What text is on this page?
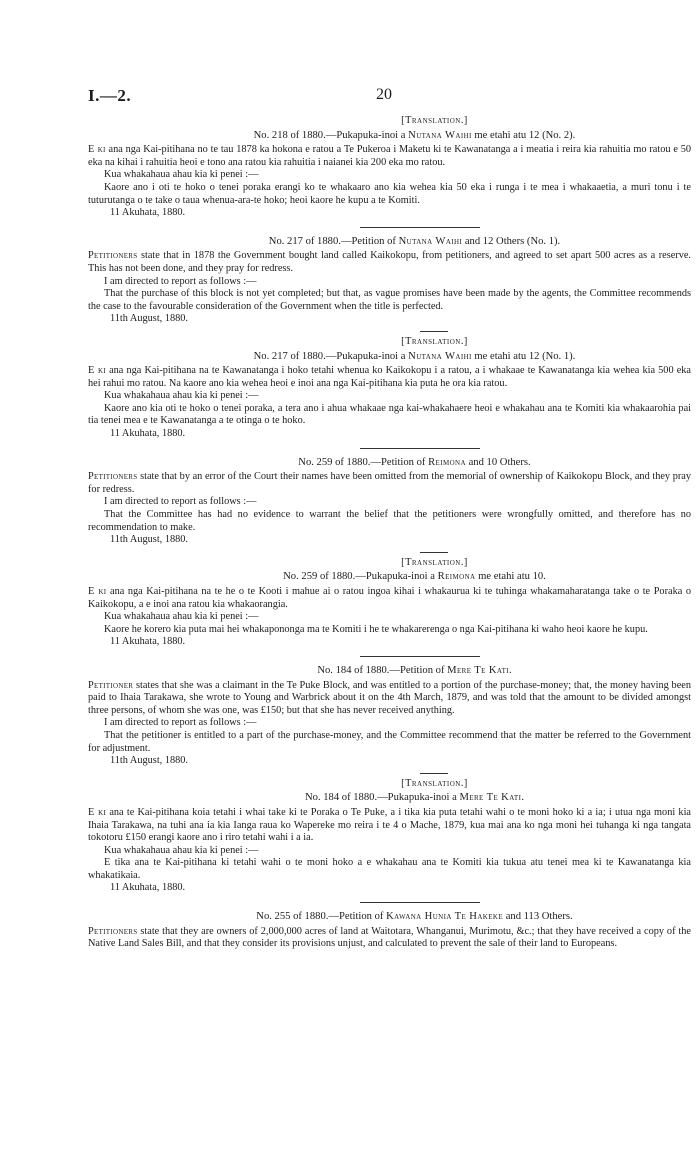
I.—2.	20
[Translation.]
No. 218 of 1880.—Pukapuka-inoi a Nutana Waihi me etahi atu 12 (No. 2).

E ki ana nga Kai-pitihana no te tau 1878 ka hokona e ratou a Te Pukeroa i Maketu ki te Kawanatanga a i meatia i reira kia rahuitia mo ratou e 50 eka na kihai i rahuitia heoi e tono ana ratou kia rahuitia i naianei kia 200 eka mo ratou.

Kua whakahaua ahau kia ki penei :—

Kaore ano i oti te hoko o tenei poraka erangi ko te whakaaro ano kia wehea kia 50 eka i runga i te mea i whakaaetia, a muri tonu i te tuturutanga o te take o taua whenua-ara-te hoko; heoi kaore he kupu a te Komiti.

11 Akuhata, 1880.

No. 217 of 1880.—Petition of Nutana Waihi and 12 Others (No. 1).

Petitioners state that in 1878 the Government bought land called Kaikokopu, from petitioners, and agreed to set apart 500 acres as a reserve. This has not been done, and they pray for redress.

I am directed to report as follows :—

That the purchase of this block is not yet completed; but that, as vague promises have been made by the agents, the Committee recommends the case to the favourable consideration of the Government when the title is perfected.

11th August, 1880.

[Translation.]
No. 217 of 1880.—Pukapuka-inoi a Nutana Waihi me etahi atu 12 (No. 1).

E ki ana nga Kai-pitihana na te Kawanatanga i hoko tetahi whenua ko Kaikokopu i a ratou, a i whakaae te Kawanatanga kia wehea kia 500 eka hei rahui mo ratou. Na kaore ano kia wehea heoi e inoi ana nga Kai-pitihana kia puta he ora kia ratou.

Kua whakahaua ahau kia ki penei :—

Kaore ano kia oti te hoko o tenei poraka, a tera ano i ahua whakaae nga kai-whakahaere heoi e whakahau ana te Komiti kia whakaarohia pai tia tenei mea e te Kawanatanga a te otinga o te hoko.

11 Akuhata, 1880.

No. 259 of 1880.—Petition of Reimona and 10 Others.

Petitioners state that by an error of the Court their names have been omitted from the memorial of ownership of Kaikokopu Block, and they pray for redress.

I am directed to report as follows :—

That the Committee has had no evidence to warrant the belief that the petitioners were wrongfully omitted, and therefore has no recommendation to make.

11th August, 1880.

[Translation.]
No. 259 of 1880.—Pukapuka-inoi a Reimona me etahi atu 10.

E ki ana nga Kai-pitihana na te he o te Kooti i mahue ai o ratou ingoa kihai i whakaurua ki te tuhinga whakamaharatanga take o te Poraka o Kaikokopu, a e inoi ana ratou kia whakaorangia.

Kua whakahaua ahau kia ki penei :—

Kaore he korero kia puta mai hei whakapononga ma te Komiti i he te whakarerenga o nga Kai-pitihana ki waho heoi kaore he kupu.

11 Akuhata, 1880.

No. 184 of 1880.—Petition of Mere Te Kati.

Petitioner states that she was a claimant in the Te Puke Block, and was entitled to a portion of the purchase-money; that, the money having been paid to Ihaia Tarakawa, she wrote to Young and Warbrick about it on the 4th March, 1879, and was told that the amount to be divided amongst three persons, of whom she was one, was £150; but that she has never received anything.

I am directed to report as follows :—

That the petitioner is entitled to a part of the purchase-money, and the Committee recommend that the matter be referred to the Government for adjustment.

11th August, 1880.

[Translation.]
No. 184 of 1880.—Pukapuka-inoi a Mere Te Kati.

E ki ana te Kai-pitihana koia tetahi i whai take ki te Poraka o Te Puke, a i tika kia puta tetahi wahi o te moni hoko ki a ia; i utua nga moni kia Ihaia Tarakawa, na tuhi ana ia kia Ianga raua ko Wapereke mo reira i te 4 o Mache, 1879, kua mai ana ko nga moni hei tuhanga ki nga tangata tokotoru £150 erangi kaore ano i riro tetahi wahi i a ia.

Kua whakahaua ahau kia ki penei :—

E tika ana te Kai-pitihana ki tetahi wahi o te moni hoko a e whakahau ana te Komiti kia tukua atu tenei mea ki te Kawanatanga kia whakatikaia.

11 Akuhata, 1880.

No. 255 of 1880.—Petition of Kawana Hunia Te Hakeke and 113 Others.

Petitioners state that they are owners of 2,000,000 acres of land at Waitotara, Whanganui, Murimotu, &c.; that they have received a copy of the Native Land Sales Bill, and that they consider its provisions unjust, and calculated to prevent the sale of their land to Europeans.
